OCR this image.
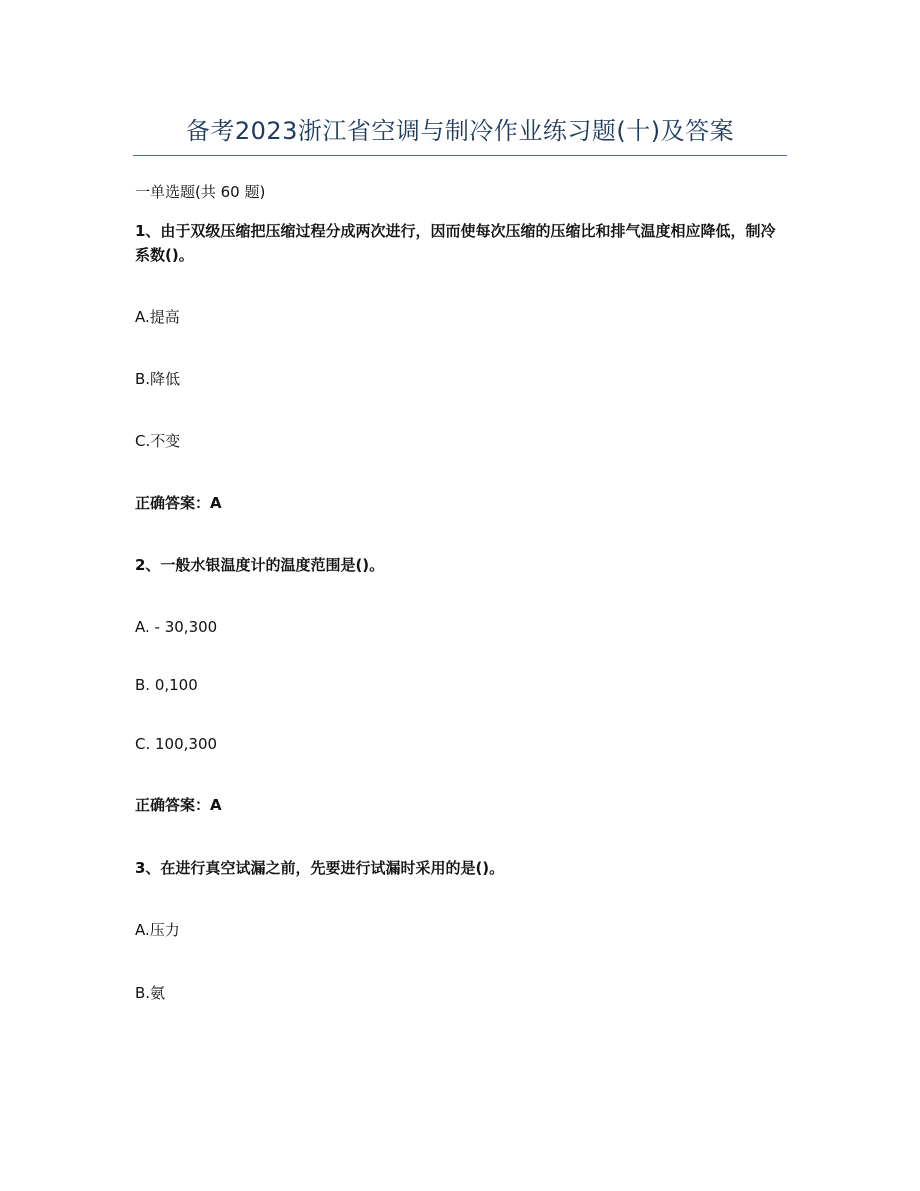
备考2023浙江省空调与制冷作业练习题(十)及答案
一单选题(共 60 题)
1、由于双级压缩把压缩过程分成两次进行，因而使每次压缩的压缩比和排气温度相应降低，制冷系数()。
A.提高
B.降低
C.不变
正确答案：A
2、一般水银温度计的温度范围是()。
A. - 30,300
B. 0,100
C. 100,300
正确答案：A
3、在进行真空试漏之前，先要进行试漏时采用的是()。
A.压力
B.氨
